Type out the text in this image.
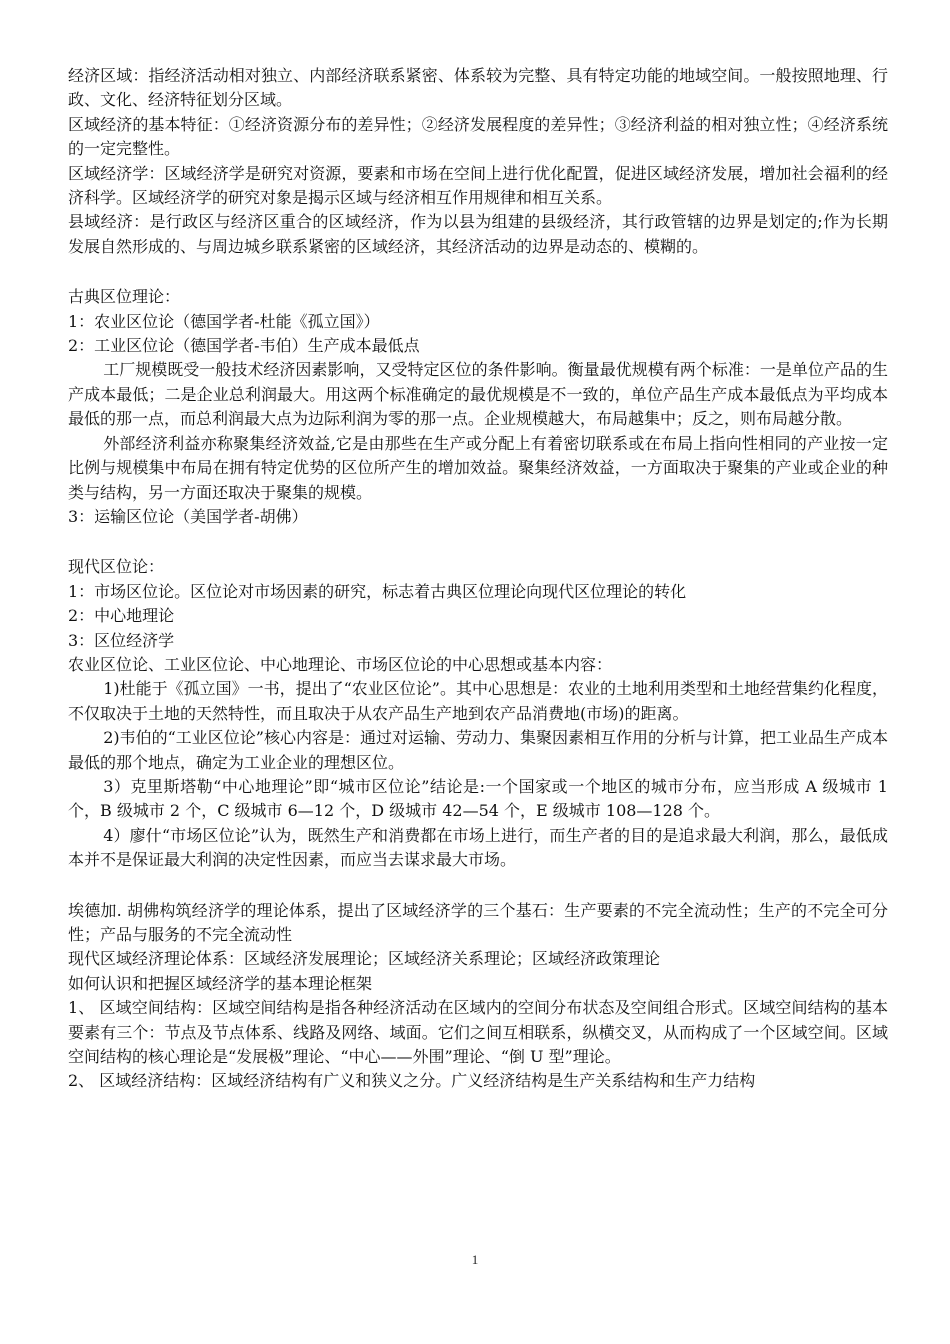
经济区域：指经济活动相对独立、内部经济联系紧密、体系较为完整、具有特定功能的地域空间。一般按照地理、行政、文化、经济特征划分区域。

区域经济的基本特征：①经济资源分布的差异性；②经济发展程度的差异性；③经济利益的相对独立性；④经济系统的一定完整性。

区域经济学：区域经济学是研究对资源，要素和市场在空间上进行优化配置，促进区域经济发展，增加社会福利的经济科学。区域经济学的研究对象是揭示区域与经济相互作用规律和相互关系。

县域经济：是行政区与经济区重合的区域经济，作为以县为组建的县级经济，其行政管辖的边界是划定的;作为长期发展自然形成的、与周边城乡联系紧密的区域经济，其经济活动的边界是动态的、模糊的。

古典区位理论：

1：农业区位论（德国学者-杜能《孤立国》）

2：工业区位论（德国学者-韦伯）生产成本最低点

工厂规模既受一般技术经济因素影响，又受特定区位的条件影响。衡量最优规模有两个标准：一是单位产品的生产成本最低；二是企业总利润最大。用这两个标准确定的最优规模是不一致的，单位产品生产成本最低点为平均成本最低的那一点，而总利润最大点为边际利润为零的那一点。企业规模越大，布局越集中；反之，则布局越分散。

外部经济利益亦称聚集经济效益,它是由那些在生产或分配上有着密切联系或在布局上指向性相同的产业按一定比例与规模集中布局在拥有特定优势的区位所产生的增加效益。聚集经济效益，一方面取决于聚集的产业或企业的种类与结构，另一方面还取决于聚集的规模。

3：运输区位论（美国学者-胡佛）

现代区位论：

1：市场区位论。区位论对市场因素的研究，标志着古典区位理论向现代区位理论的转化

2：中心地理论

3：区位经济学

农业区位论、工业区位论、中心地理论、市场区位论的中心思想或基本内容：

1)杜能于《孤立国》一书，提出了“农业区位论”。其中心思想是：农业的土地利用类型和土地经营集约化程度，不仅取决于土地的天然特性，而且取决于从农产品生产地到农产品消费地(市场)的距离。

2)韦伯的“工业区位论”核心内容是：通过对运输、劳动力、集聚因素相互作用的分析与计算，把工业品生产成本最低的那个地点，确定为工业企业的理想区位。

3）克里斯塔勒“中心地理论”即“城市区位论”结论是:一个国家或一个地区的城市分布，应当形成 A 级城市 1 个，B 级城市 2 个，C 级城市 6—12 个，D 级城市 42—54 个，E 级城市 108—128 个。

4）廖什“市场区位论”认为，既然生产和消费都在市场上进行，而生产者的目的是追求最大利润，那么，最低成本并不是保证最大利润的决定性因素，而应当去谋求最大市场。

埃德加. 胡佛构筑经济学的理论体系，提出了区域经济学的三个基石：生产要素的不完全流动性；生产的不完全可分性；产品与服务的不完全流动性

现代区域经济理论体系：区域经济发展理论；区域经济关系理论；区域经济政策理论

如何认识和把握区域经济学的基本理论框架

1、 区域空间结构：区域空间结构是指各种经济活动在区域内的空间分布状态及空间组合形式。区域空间结构的基本要素有三个：节点及节点体系、线路及网络、域面。它们之间互相联系，纵横交叉，从而构成了一个区域空间。区域空间结构的核心理论是“发展极”理论、“中心——外围”理论、“倒 U 型”理论。

2、 区域经济结构：区域经济结构有广义和狭义之分。广义经济结构是生产关系结构和生产力结构

1
